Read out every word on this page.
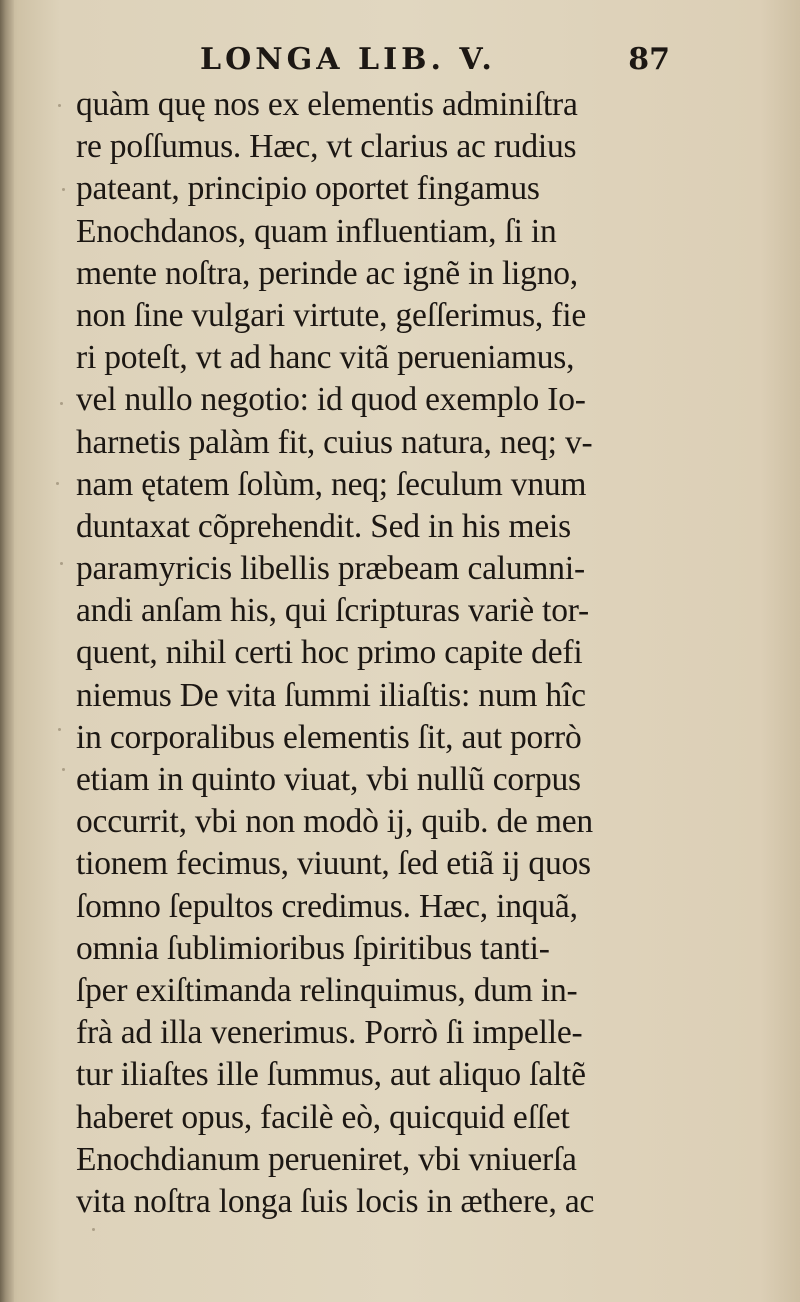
LONGA LIB. V.	87
quàm quę nos ex elementis adminiſtra
re poſſumus. Hæc, vt clarius ac rudius
pateant, principio oportet fingamus
Enochdanos, quam influentiam, ſi in
mente noſtra, perinde ac ignẽ in ligno,
non ſine vulgari virtute, geſſerimus, fie
ri poteſt, vt ad hanc vitã perueniamus,
vel nullo negotio: id quod exemplo Io-
harnetis palàm fit, cuius natura, neq; v-
nam ętatem ſolùm, neq; ſeculum vnum
duntaxat cõprehendit. Sed in his meis
paramyricis libellis præbeam calumni-
andi anſam his, qui ſcripturas variè tor-
quent, nihil certi hoc primo capite defi
niemus De vita ſummi iliaſtis: num hîc
in corporalibus elementis ſit, aut porrò
etiam in quinto viuat, vbi nullũ corpus
occurrit, vbi non modò ij, quib. de men
tionem fecimus, viuunt, ſed etiã ij quos
ſomno ſepultos credimus. Hæc, inquã,
omnia ſublimioribus ſpiritibus tanti-
ſper exiſtimanda relinquimus, dum in-
frà ad illa venerimus. Porrò ſi impelle-
tur iliaſtes ille ſummus, aut aliquo ſaltẽ
haberet opus, facilè eò, quicquid eſſet
Enochdianum perueniret, vbi vniuerſa
vita noſtra longa ſuis locis in æthere, ac
